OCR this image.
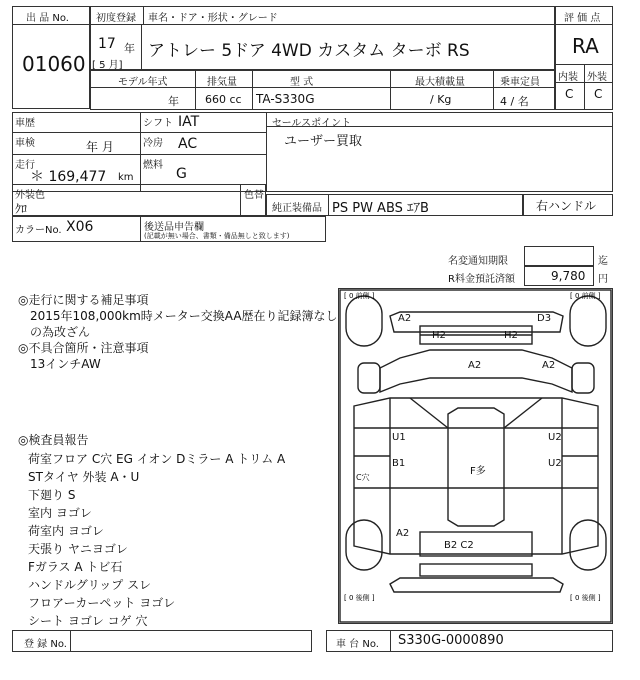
出 品 No.
01060
初度登録 車名・ドア・形状・グレード
17 年
[ 5 月]
アトレー 5ドア 4WD カスタム ターボ RS
評 価 点
RA
内装 外装
C C
モデル年式	排気量	型 式	最大積載量	乗車定員
年 660 cc TA-S330G	/ Kg	4 / 名
車歴	シフト IAT	セールスポイント
ユーザー買取
車検	年 月	冷房 AC
走行
＊ 169,477 km
燃料
G
外装色
ｸﾛ
色替
純正装備品 PS PW ABS ｴｱB	右ハンドル
カラーNo. X06	後送品申告欄
(記載が無い場合、書類・備品無しと致します)
名変通知期限	迄
R料金預託済額	9,780 円
◎走行に関する補足事項
2015年108,000km時メーター交換AA歴在り記録簿なし
の為改ざん
◎不具合箇所・注意事項
13インチAW
◎検査員報告
荷室フロア C穴 EG イオン Dミラー A トリム A
STタイヤ 外装 A・U
下廻り S
室内 ヨゴレ
荷室内 ヨゴレ
天張り ヤニヨゴレ
Fガラス A トビ石
ハンドルグリップ スレ
フロアーカーペット ヨゴレ
シート ヨゴレ コゲ 穴
[ 0 前側 ]	[ 0 前側 ]
[ 0 後側 ]	[ 0 後側 ]
A2	D3
H2	H2
A2	A2
U1
B1
F多
U2
U2
C穴
A2
B2 C2
登 録 No.	車 台 No. S330G-0000890
